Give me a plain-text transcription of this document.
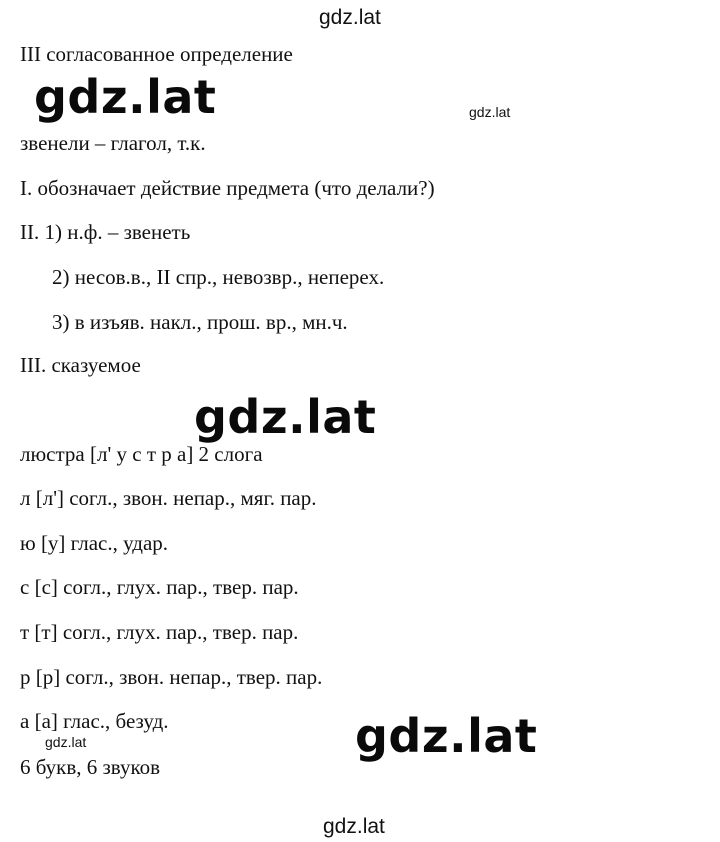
gdz.lat
gdz.lat	gdz.lat
gdz.lat
gdz.lat
gdz.lat
gdz.lat
III согласованное определение
звенели – глагол, т.к.
I. обозначает действие предмета (что делали?)
II. 1) н.ф. – звенеть
2) несов.в., II спр., невозвр., неперех.
3) в изъяв. накл., прош. вр., мн.ч.
III. сказуемое
люстра [л' у с т р а] 2 слога
л [л'] согл., звон. непар., мяг. пар.
ю [у] глас., удар.
с [с] согл., глух. пар., твер. пар.
т [т] согл., глух. пар., твер. пар.
р [р] согл., звон. непар., твер. пар.
а [а] глас., безуд.
6 букв, 6 звуков
